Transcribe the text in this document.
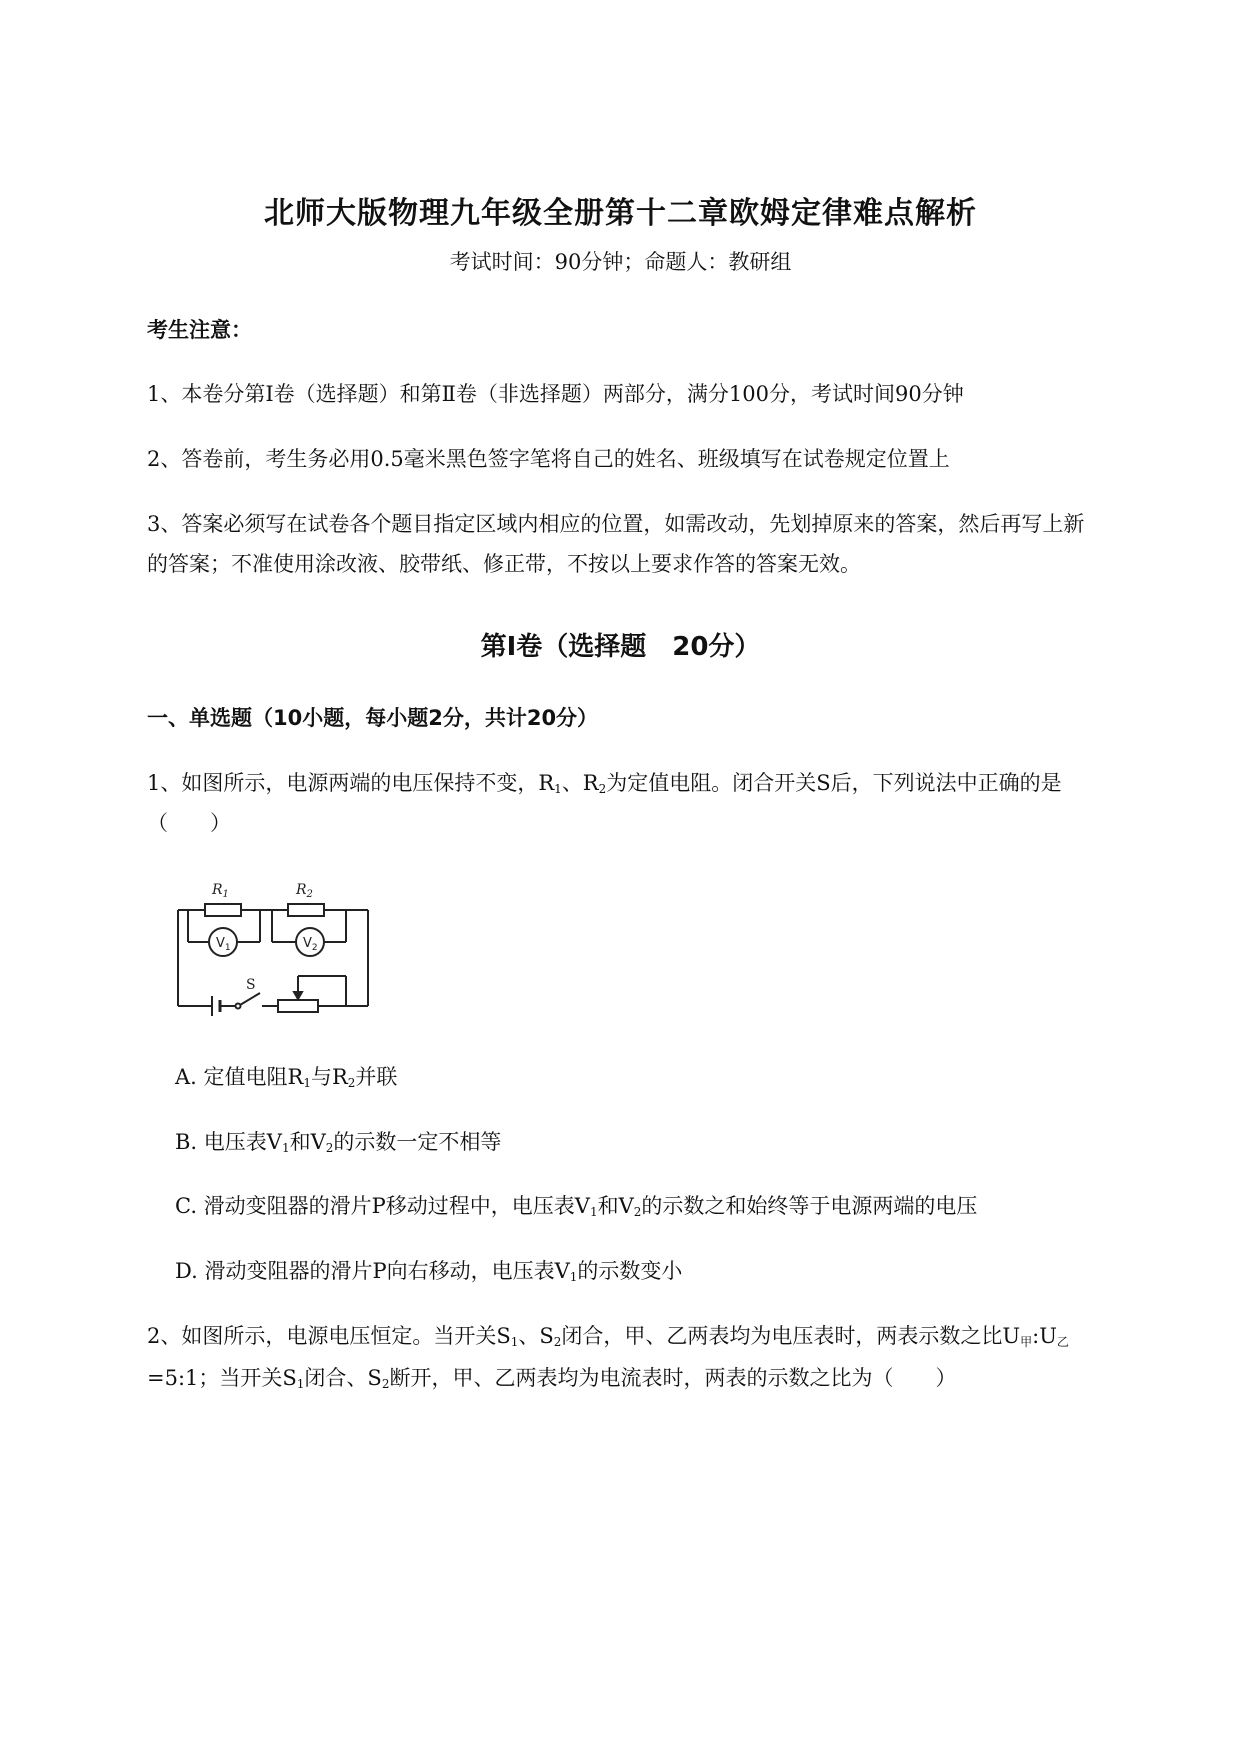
北师大版物理九年级全册第十二章欧姆定律难点解析
考试时间：90分钟；命题人：教研组
考生注意：
1、本卷分第Ⅰ卷（选择题）和第Ⅱ卷（非选择题）两部分，满分100分，考试时间90分钟
2、答卷前，考生务必用0.5毫米黑色签字笔将自己的姓名、班级填写在试卷规定位置上
3、答案必须写在试卷各个题目指定区域内相应的位置，如需改动，先划掉原来的答案，然后再写上新
的答案；不准使用涂改液、胶带纸、修正带，不按以上要求作答的答案无效。
第Ⅰ卷（选择题　20分）
一、单选题（10小题，每小题2分，共计20分）
1、如图所示，电源两端的电压保持不变，$R_1$、$R_2$为定值电阻。闭合开关S后，下列说法中正确的是
（　　）
$R_1$	$R_2$
S
$V_1$	$V_2$
A. 定值电阻$R_1$与$R_2$并联
B. 电压表$V_1$和$V_2$的示数一定不相等
C. 滑动变阻器的滑片P移动过程中，电压表$V_1$和$V_2$的示数之和始终等于电源两端的电压
D. 滑动变阻器的滑片P向右移动，电压表$V_1$的示数变小
2、如图所示，电源电压恒定。当开关$S_1$、$S_2$闭合，甲、乙两表均为电压表时，两表示数之比$U_甲:U_乙$
=5:1；当开关$S_1$闭合、$S_2$断开，甲、乙两表均为电流表时，两表的示数之比为（　　）
